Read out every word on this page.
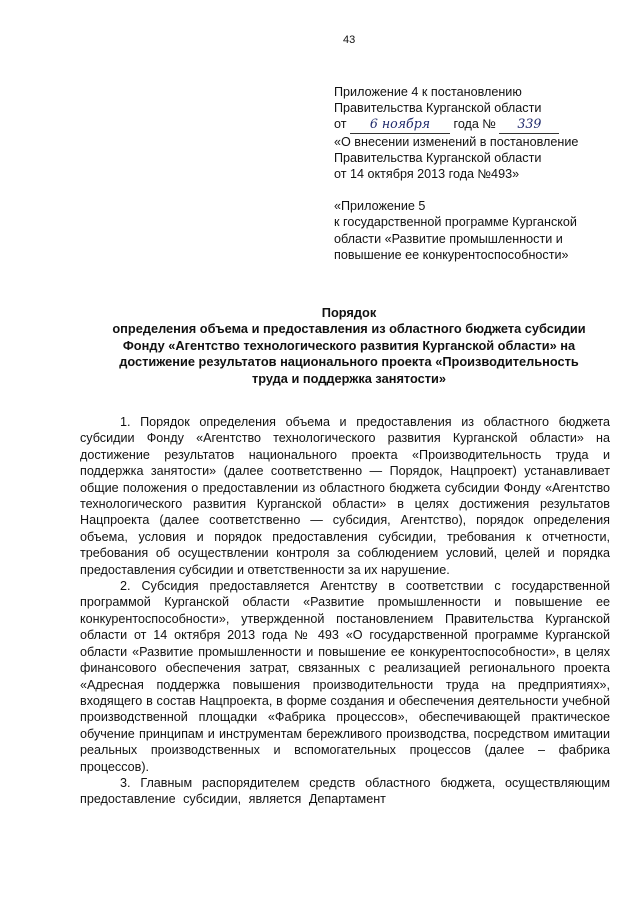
43
Приложение 4 к постановлению
Правительства Курганской области
от 6 ноября года № 339
«О внесении изменений в постановление
Правительства Курганской области
от 14 октября 2013 года №493»
«Приложение 5
к государственной программе Курганской
области «Развитие промышленности и
повышение ее конкурентоспособности»
Порядок
определения объема и предоставления из областного бюджета субсидии
Фонду «Агентство технологического развития Курганской области» на
достижение результатов национального проекта «Производительность
труда и поддержка занятости»

1. Порядок определения объема и предоставления из областного бюджета субсидии Фонду «Агентство технологического развития Курганской области» на достижение результатов национального проекта «Производительность труда и поддержка занятости» (далее соответственно — Порядок, Нацпроект) устанавливает общие положения о предоставлении из областного бюджета субсидии Фонду «Агентство технологического развития Курганской области» в целях достижения результатов Нацпроекта (далее соответственно — субсидия, Агентство), порядок определения объема, условия и порядок предоставления субсидии, требования к отчетности, требования об осуществлении контроля за соблюдением условий, целей и порядка предоставления субсидии и ответственности за их нарушение.

2. Субсидия предоставляется Агентству в соответствии с государственной программой Курганской области «Развитие промышленности и повышение ее конкурентоспособности», утвержденной постановлением Правительства Курганской области от 14 октября 2013 года № 493 «О государственной программе Курганской области «Развитие промышленности и повышение ее конкурентоспособности», в целях финансового обеспечения затрат, связанных с реализацией регионального проекта «Адресная поддержка повышения производительности труда на предприятиях», входящего в состав Нацпроекта, в форме создания и обеспечения деятельности учебной производственной площадки «Фабрика процессов», обеспечивающей практическое обучение принципам и инструментам бережливого производства, посредством имитации реальных производственных и вспомогательных процессов (далее – фабрика процессов).

3. Главным распорядителем средств областного бюджета, осуществляющим предоставление субсидии, является Департамент
